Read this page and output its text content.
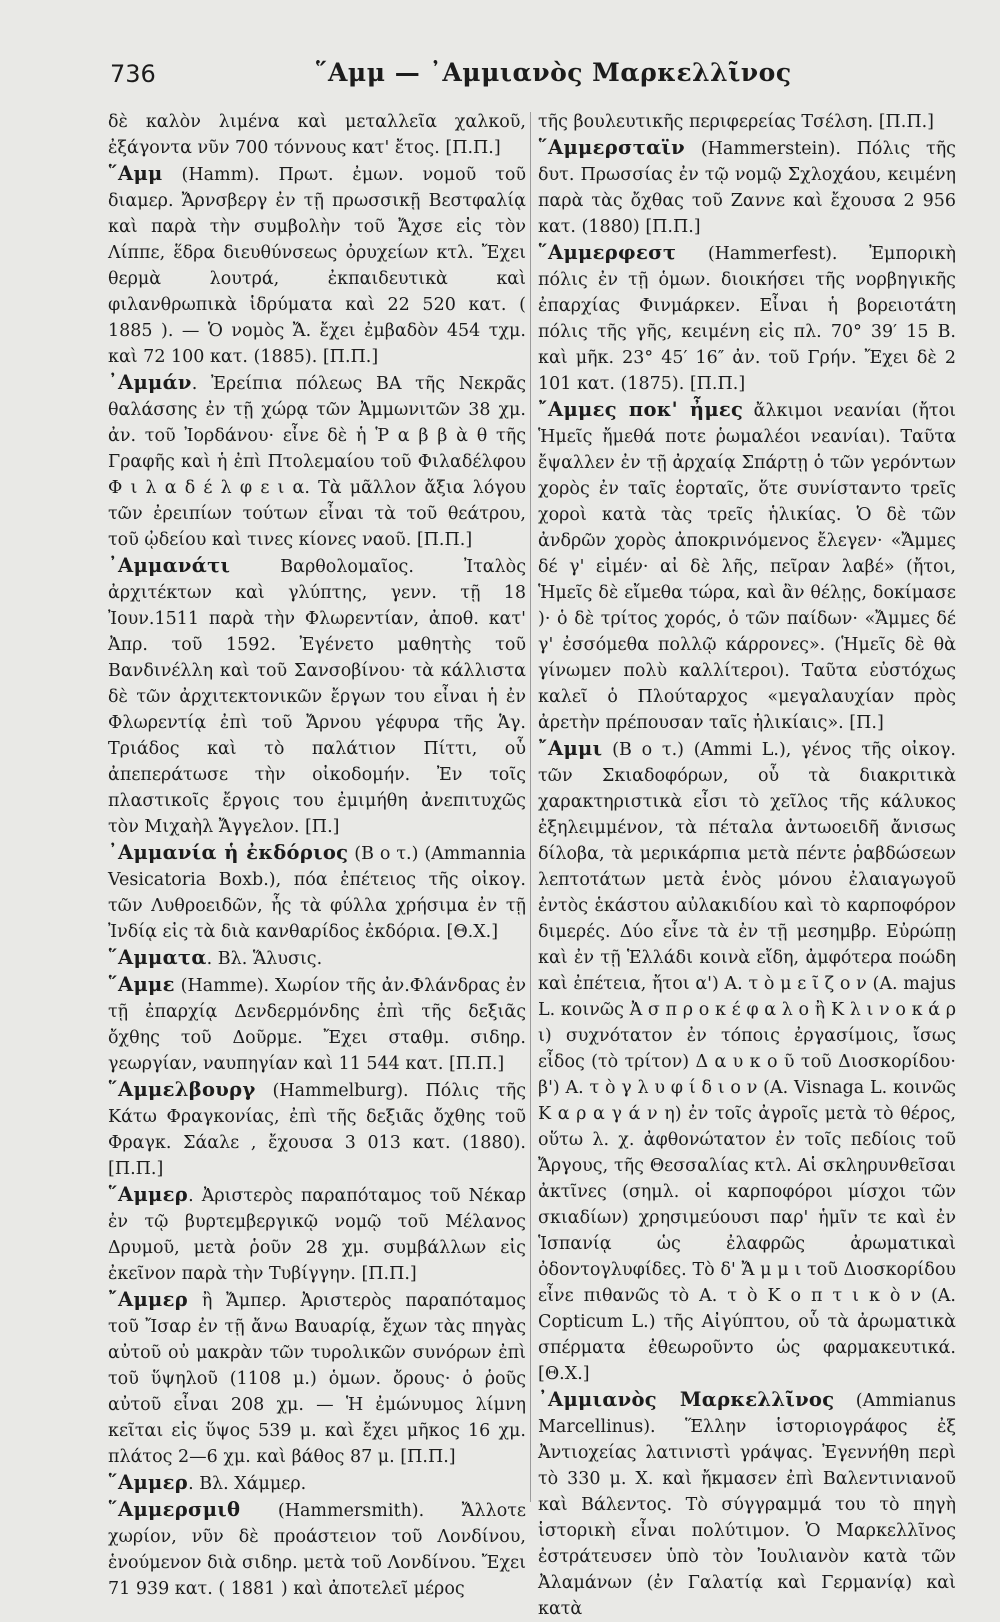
736	῞Αμμ — ᾿Αμμιανὸς Μαρκελλῖνος

δὲ καλὸν λιμένα καὶ μεταλλεῖα χαλκοῦ, ἐξάγοντα νῦν 700 τόννους κατ' ἔτος. [Π.Π.]

῞Αμμ (Hamm). Πρωτ. ἐμων. νομοῦ τοῦ διαμερ. Ἄρνσβεργ ἐν τῇ πρωσσικῇ Βεστφαλίᾳ καὶ παρὰ τὴν συμβολὴν τοῦ Ἄχσε εἰς τὸν Λίππε, ἕδρα διευθύνσεως ὀρυχείων κτλ. Ἔχει θερμὰ λουτρά, ἐκπαιδευτικὰ καὶ φιλανθρωπικὰ ἱδρύματα καὶ 22 520 κατ. ( 1885 ). — Ὁ νομὸς Ἄ. ἔχει ἐμβαδὸν 454 τχμ. καὶ 72 100 κατ. (1885). [Π.Π.]

᾿Αμμάν. Ἐρείπια πόλεως ΒΑ τῆς Νεκρᾶς θαλάσσης ἐν τῇ χώρᾳ τῶν Ἀμμωνιτῶν 38 χμ. ἀν. τοῦ Ἰορδάνου· εἶνε δὲ ἡ Ῥ α β β ὰ θ τῆς Γραφῆς καὶ ἡ ἐπὶ Πτολεμαίου τοῦ Φιλαδέλφου Φ ι λ α δ έ λ φ ε ι α. Τὰ μᾶλλον ἄξια λόγου τῶν ἐρειπίων τούτων εἶναι τὰ τοῦ θεάτρου, τοῦ ᾠδείου καὶ τινες κίονες ναοῦ. [Π.Π.]

᾿Αμμανάτι Βαρθολομαῖος. Ἰταλὸς ἀρχιτέκτων καὶ γλύπτης, γενν. τῇ 18 Ἰουν.1511 παρὰ τὴν Φλωρεντίαν, ἀποθ. κατ' Ἀπρ. τοῦ 1592. Ἐγένετο μαθητὴς τοῦ Βανδινέλλη καὶ τοῦ Σανσοβίνου· τὰ κάλλιστα δὲ τῶν ἀρχιτεκτονικῶν ἔργων του εἶναι ἡ ἐν Φλωρεντίᾳ ἐπὶ τοῦ Ἄρνου γέφυρα τῆς Ἁγ. Τριάδος καὶ τὸ παλάτιον Πίττι, οὗ ἀπεπεράτωσε τὴν οἰκοδομήν. Ἐν τοῖς πλαστικοῖς ἔργοις του ἐμιμήθη ἀνεπιτυχῶς τὸν Μιχαὴλ Ἄγγελον. [Π.]

᾿Αμμανία ἡ ἐκδόριος (Β ο τ.) (Ammannia Vesicatoria Boxb.), πόα ἐπέτειος τῆς οἰκογ. τῶν Λυθροειδῶν, ἧς τὰ φύλλα χρήσιμα ἐν τῇ Ἰνδίᾳ εἰς τὰ διὰ κανθαρίδος ἐκδόρια. [Θ.Χ.]

῞Αμματα. Βλ. Ἅλυσις.

῞Αμμε (Hamme). Χωρίον τῆς ἀν.Φλάνδρας ἐν τῇ ἐπαρχίᾳ Δενδερμόνδης ἐπὶ τῆς δεξιᾶς ὄχθης τοῦ Δοῦρμε. Ἔχει σταθμ. σιδηρ. γεωργίαν, ναυπηγίαν καὶ 11 544 κατ. [Π.Π.]

῞Αμμελβουργ (Hammelburg). Πόλις τῆς Κάτω Φραγκονίας, ἐπὶ τῆς δεξιᾶς ὄχθης τοῦ Φραγκ. Σάαλε , ἔχουσα 3 013 κατ. (1880). [Π.Π.]

῞Αμμερ. Ἀριστερὸς παραπόταμος τοῦ Νέκαρ ἐν τῷ βυρτεμβεργικῷ νομῷ τοῦ Μέλανος Δρυμοῦ, μετὰ ῥοῦν 28 χμ. συμβάλλων εἰς ἐκεῖνον παρὰ τὴν Τυβίγγην. [Π.Π.]

῎Αμμερ ἢ Ἄμπερ. Ἀριστερὸς παραπόταμος τοῦ Ἴσαρ ἐν τῇ ἄνω Βαυαρίᾳ, ἔχων τὰς πηγὰς αὐτοῦ οὐ μακρὰν τῶν τυρολικῶν συνόρων ἐπὶ τοῦ ὕψηλοῦ (1108 μ.) ὁμων. ὄρους· ὁ ῥοῦς αὐτοῦ εἶναι 208 χμ. — Ἡ ἐμώνυμος λίμνη κεῖται εἰς ὕψος 539 μ. καὶ ἔχει μῆκος 16 χμ. πλάτος 2—6 χμ. καὶ βάθος 87 μ. [Π.Π.]

῞Αμμερ. Βλ. Χάμμερ.

῞Αμμερσμιθ (Hammersmith). Ἄλλοτε χωρίον, νῦν δὲ προάστειον τοῦ Λονδίνου, ἑνούμενον διὰ σιδηρ. μετὰ τοῦ Λονδίνου. Ἔχει 71 939 κατ. ( 1881 ) καὶ ἀποτελεῖ μέρος

τῆς βουλευτικῆς περιφερείας Τσέλση. [Π.Π.]

῞Αμμερσταϊν (Hammerstein). Πόλις τῆς δυτ. Πρωσσίας ἐν τῷ νομῷ Σχλοχάου, κειμένη παρὰ τὰς ὄχθας τοῦ Ζαννε καὶ ἔχουσα 2 956 κατ. (1880) [Π.Π.]

῞Αμμερφεστ (Hammerfest). Ἐμπορικὴ πόλις ἐν τῇ ὁμων. διοικήσει τῆς νορβηγικῆς ἐπαρχίας Φινμάρκεν. Εἶναι ἡ βορειοτάτη πόλις τῆς γῆς, κειμένη εἰς πλ. 70° 39′ 15 Β. καὶ μῆκ. 23° 45′ 16″ ἀν. τοῦ Γρήν. Ἔχει δὲ 2 101 κατ. (1875). [Π.Π.]

῎Αμμες ποκ' ἦμες ἄλκιμοι νεανίαι (ἤτοι Ἡμεῖς ἤμεθά ποτε ῥωμαλέοι νεανίαι). Ταῦτα ἔψαλλεν ἐν τῇ ἀρχαίᾳ Σπάρτῃ ὁ τῶν γερόντων χορὸς ἐν ταῖς ἑορταῖς, ὅτε συνίσταντο τρεῖς χοροὶ κατὰ τὰς τρεῖς ἡλικίας. Ὁ δὲ τῶν ἀνδρῶν χορὸς ἀποκρινόμενος ἔλεγεν· «Ἄμμες δέ γ' εἰμέν· αἰ δὲ λῆς, πεῖραν λαβέ» (ἤτοι, Ἡμεῖς δὲ εἴμεθα τώρα, καὶ ἂν θέλῃς, δοκίμασε )· ὁ δὲ τρίτος χορός, ὁ τῶν παίδων· «Ἄμμες δέ γ' ἐσσόμεθα πολλῷ κάρρονες». (Ἡμεῖς δὲ θὰ γίνωμεν πολὺ καλλίτεροι). Ταῦτα εὐστόχως καλεῖ ὁ Πλούταρχος «μεγαλαυχίαν πρὸς ἀρετὴν πρέπουσαν ταῖς ἡλικίαις». [Π.]

῎Αμμι (Β ο τ.) (Ammi L.), γένος τῆς οἰκογ. τῶν Σκιαδοφόρων, οὗ τὰ διακριτικὰ χαρακτηριστικὰ εἶσι τὸ χεῖλος τῆς κάλυκος ἐξηλειμμένον, τὰ πέταλα ἀντωοειδῆ ἄνισως δίλοβα, τὰ μερικάρπια μετὰ πέντε ῥαβδώσεων λεπτοτάτων μετὰ ἑνὸς μόνου ἐλαιαγωγοῦ ἐντὸς ἑκάστου αὐλακιδίου καὶ τὸ καρποφόρον διμερές. Δύο εἶνε τὰ ἐν τῇ μεσημβρ. Εὐρώπῃ καὶ ἐν τῇ Ἑλλάδι κοινὰ εἴδη, ἀμφότερα ποώδη καὶ ἐπέτεια, ἤτοι α') Α. τ ὸ μ ε ῖ ζ ο ν (A. majus L. κοινῶς Ἀ σ π ρ ο κ έ φ α λ ο ἢ Κ λ ι ν ο κ ά ρ ι) συχνότατον ἐν τόποις ἐργασίμοις, ἴσως εἶδος (τὸ τρίτον) Δ α υ κ ο ῦ τοῦ Διοσκορίδου· β') Α. τ ὸ γ λ υ φ ί δ ι ο ν (A. Visnaga L. κοινῶς Κ α ρ α γ ά ν η) ἐν τοῖς ἀγροῖς μετὰ τὸ θέρος, οὕτω λ. χ. ἀφθονώτατον ἐν τοῖς πεδίοις τοῦ Ἄργους, τῆς Θεσσαλίας κτλ. Αἱ σκληρυνθεῖσαι ἀκτῖνες (σημλ. οἱ καρποφόροι μίσχοι τῶν σκιαδίων) χρησιμεύουσι παρ' ἡμῖν τε καὶ ἐν Ἱσπανίᾳ ὡς ἐλαφρῶς ἀρωματικαὶ ὀδοντογλυφίδες. Τὸ δ' Ἄ μ μ ι τοῦ Διοσκορίδου εἶνε πιθανῶς τὸ Α. τ ὸ Κ ο π τ ι κ ὸ ν (A. Copticum L.) τῆς Αἰγύπτου, οὗ τὰ ἀρωματικὰ σπέρματα ἐθεωροῦντο ὡς φαρμακευτικά. [Θ.Χ.]

᾿Αμμιανὸς Μαρκελλῖνος (Ammianus Marcellinus). Ἕλλην ἱστοριογράφος ἐξ Ἀντιοχείας λατινιστὶ γράψας. Ἐγεννήθη περὶ τὸ 330 μ. Χ. καὶ ἤκμασεν ἐπὶ Βαλεντινιανοῦ καὶ Βάλεντος. Τὸ σύγγραμμά του τὸ πηγὴ ἱστορικὴ εἶναι πολύτιμον. Ὁ Μαρκελλῖνος ἐστράτευσεν ὑπὸ τὸν Ἰουλιανὸν κατὰ τῶν Ἀλαμάνων (ἐν Γαλατίᾳ καὶ Γερμανίᾳ) καὶ κατὰ
